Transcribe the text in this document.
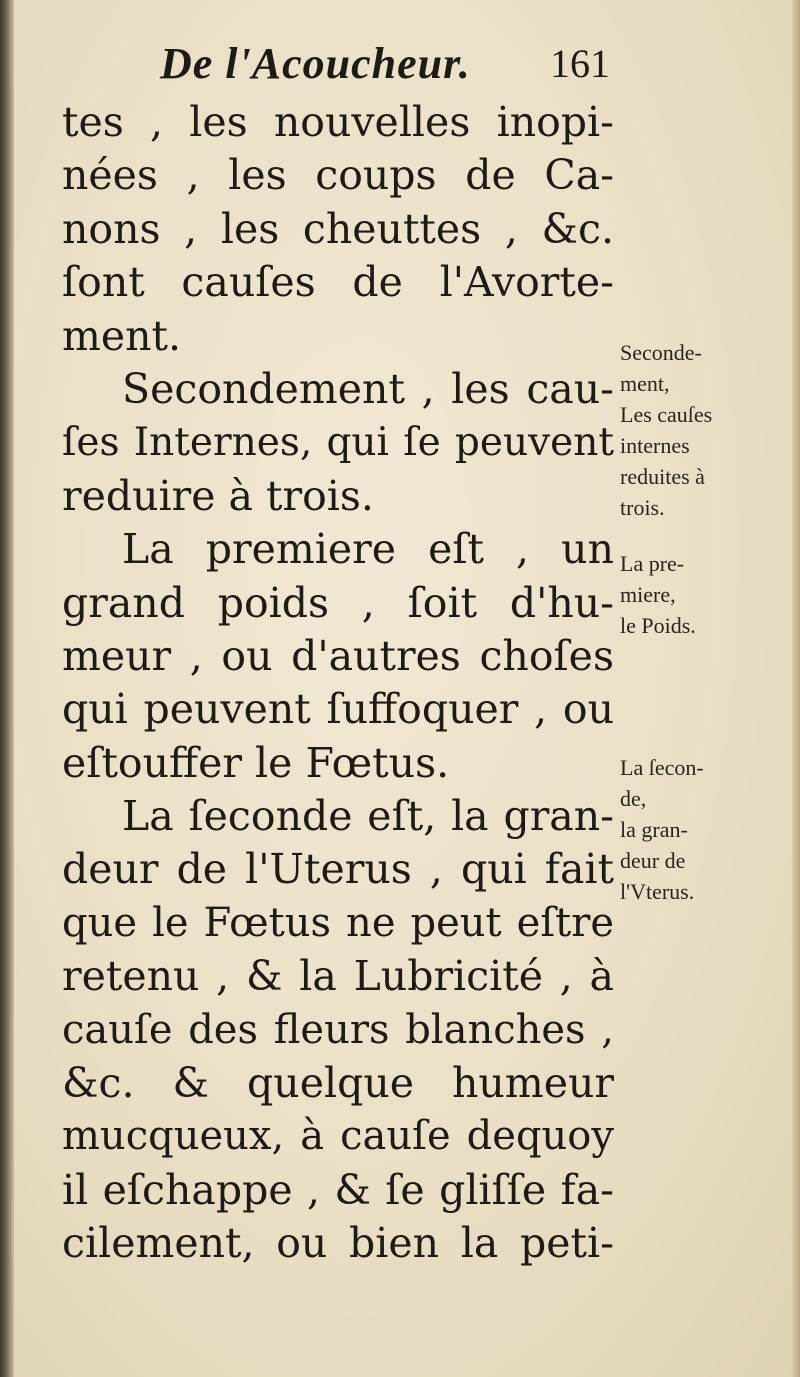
De l'Acoucheur. 161
tes , les nouvelles inopi-
nées , les coups de Ca-
nons , les cheuttes , &c.
ſont cauſes de l'Avorte-
ment.
Secondement , les cau-
ſes Internes, qui ſe peuvent
reduire à trois.
La premiere eſt , un
grand poids , ſoit d'hu-
meur , ou d'autres choſes
qui peuvent ſuffoquer , ou
eſtouffer le Fœtus.
La ſeconde eſt, la gran-
deur de l'Uterus , qui fait
que le Fœtus ne peut eſtre
retenu , & la Lubricité , à
cauſe des fleurs blanches ,
&c. & quelque humeur
mucqueux, à cauſe dequoy
il eſchappe , & ſe gliſſe fa-
cilement, ou bien la peti-
Seconde-
ment,
Les cauſes
internes
reduites à
trois.
La pre-
miere,
le Poids.
La ſecon-
de,
la gran-
deur de
l'Vterus.
